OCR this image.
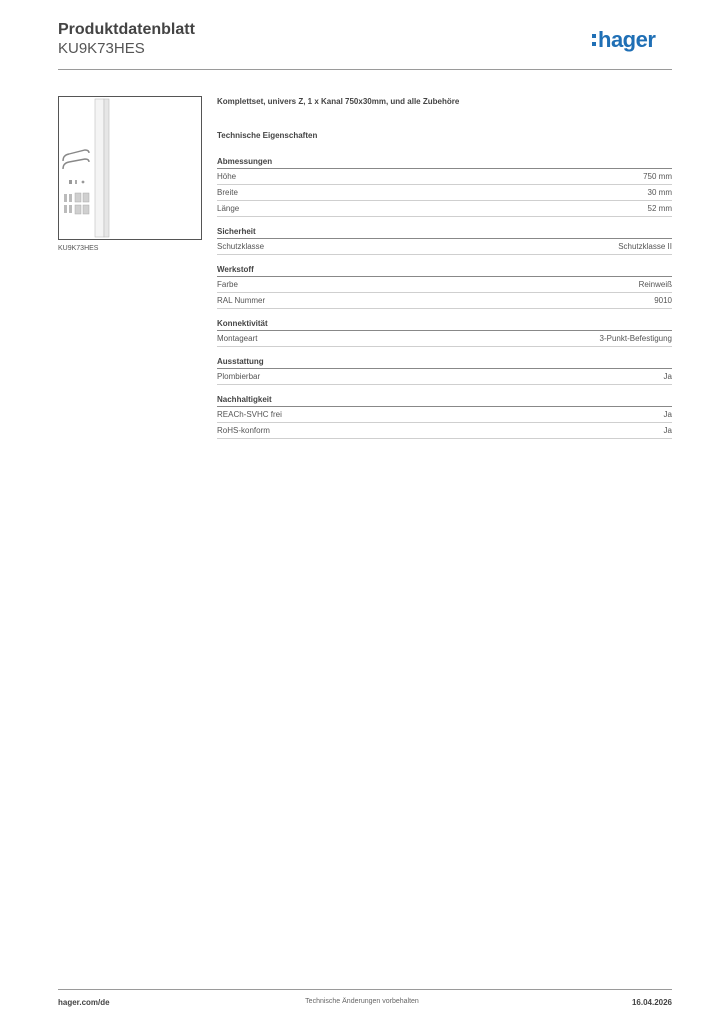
Produktdatenblatt
KU9K73HES	hager
KU9K73HES
Komplettset, univers Z, 1 x Kanal 750x30mm, und alle Zubehöre
Technische Eigenschaften
Abmessungen
Höhe	750 mm
Breite	30 mm
Länge	52 mm
Sicherheit
Schutzklasse	Schutzklasse II
Werkstoff
Farbe	Reinweiß
RAL Nummer	9010
Konnektivität
Montageart	3-Punkt-Befestigung
Ausstattung
Plombierbar	Ja
Nachhaltigkeit
REACh-SVHC frei	Ja
RoHS-konform	Ja
hager.com/de	Technische Änderungen vorbehalten	16.04.2026
